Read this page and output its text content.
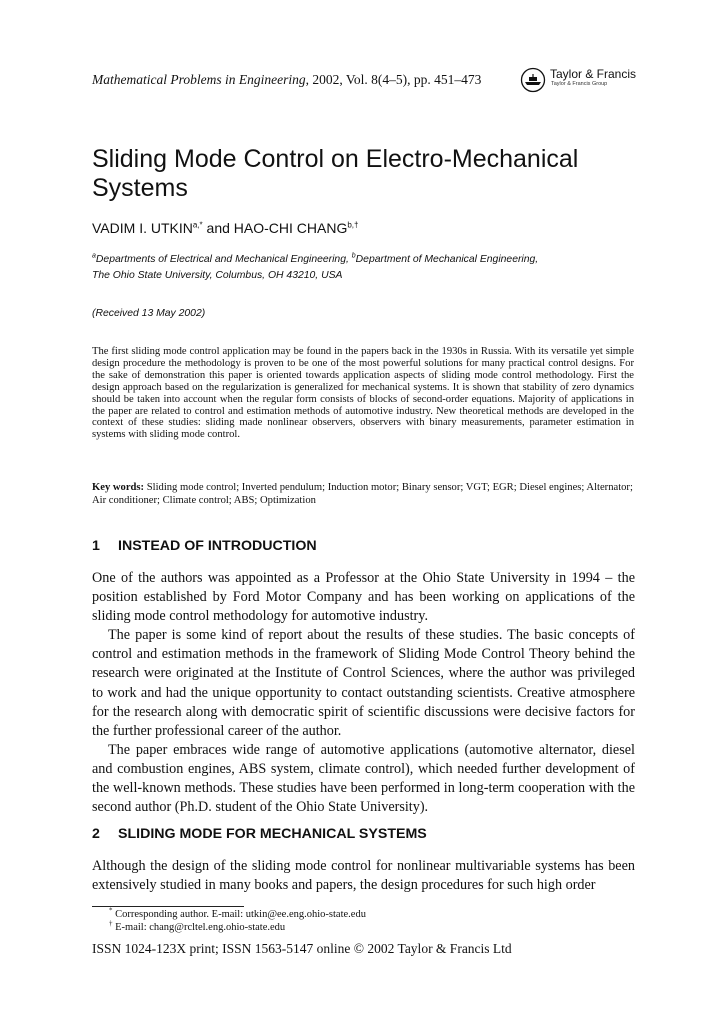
Mathematical Problems in Engineering, 2002, Vol. 8(4–5), pp. 451–473	Taylor & Francis
Taylor & Francis Group
Sliding Mode Control on Electro-Mechanical Systems
VADIM I. $UTKIN^{a,*}$ and HAO-CHI $CHANG^{b,\dagger}$
$^a$Departments of Electrical and Mechanical Engineering, $^b$Department of Mechanical Engineering,
The Ohio State University, Columbus, OH 43210, USA
(Received 13 May 2002)

The first sliding mode control application may be found in the papers back in the 1930s in Russia. With its versatile yet simple design procedure the methodology is proven to be one of the most powerful solutions for many practical control designs. For the sake of demonstration this paper is oriented towards application aspects of sliding mode control methodology. First the design approach based on the regularization is generalized for mechanical systems. It is shown that stability of zero dynamics should be taken into account when the regular form consists of blocks of second-order equations. Majority of applications in the paper are related to control and estimation methods of automotive industry. New theoretical methods are developed in the context of these studies: sliding made nonlinear observers, observers with binary measurements, parameter estimation in systems with sliding mode control.

Key words: Sliding mode control; Inverted pendulum; Induction motor; Binary sensor; VGT; EGR; Diesel engines; Alternator; Air conditioner; Climate control; ABS; Optimization

1 INSTEAD OF INTRODUCTION

One of the authors was appointed as a Professor at the Ohio State University in 1994 – the position established by Ford Motor Company and has been working on applications of the sliding mode control methodology for automotive industry.

The paper is some kind of report about the results of these studies. The basic concepts of control and estimation methods in the framework of Sliding Mode Control Theory behind the research were originated at the Institute of Control Sciences, where the author was privileged to work and had the unique opportunity to contact outstanding scientists. Creative atmosphere for the research along with democratic spirit of scientific discussions were decisive factors for the further professional career of the author.

The paper embraces wide range of automotive applications (automotive alternator, diesel and combustion engines, ABS system, climate control), which needed further development of the well-known methods. These studies have been performed in long-term cooperation with the second author (Ph.D. student of the Ohio State University).

2 SLIDING MODE FOR MECHANICAL SYSTEMS

Although the design of the sliding mode control for nonlinear multivariable systems has been extensively studied in many books and papers, the design procedures for such high order

* Corresponding author. E-mail: utkin@ee.eng.ohio-state.edu
† E-mail: chang@rcltel.eng.ohio-state.edu
ISSN 1024-123X print; ISSN 1563-5147 online © 2002 Taylor & Francis Ltd
